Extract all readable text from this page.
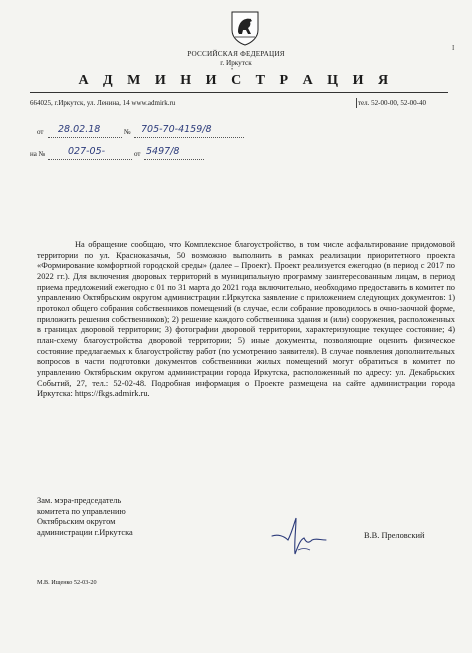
РОССИЙСКАЯ ФЕДЕРАЦИЯ
г. Иркутск
•
А Д М И Н И С Т Р А Ц И Я
I
664025, г.Иркутск, ул. Ленина, 14 www.admirk.ru	тел. 52-00-00, 52-00-40
от 28.02.18	№ 705-70-4159/8
на № 027-05-	от 5497/8

На обращение сообщаю, что Комплексное благоустройство, в том числе асфальтирование придомовой территории по ул. Красноказачья, 50 возможно выполнить в рамках реализации приоритетного проекта «Формирование комфортной городской среды» (далее – Проект). Проект реализуется ежегодно (в период с 2017 по 2022 гг.). Для включения дворовых территорий в муниципальную программу заинтересованным лицам, в период приема предложений ежегодно с 01 по 31 марта до 2021 года включительно, необходимо предоставить в комитет по управлению Октябрьским округом администрации г.Иркутска заявление с приложением следующих документов: 1) протокол общего собрания собственников помещений (в случае, если собрание проводилось в очно-заочной форме, приложить решения собственников); 2) решение каждого собственника здания и (или) сооружения, расположенных в границах дворовой территории; 3) фотографии дворовой территории, характеризующие текущее состояние; 4) план-схему благоустройства дворовой территории; 5) иные документы, позволяющие оценить физическое состояние предлагаемых к благоустройству работ (по усмотрению заявителя). В случае появления дополнительных вопросов в части подготовки документов собственники жилых помещений могут обратиться в комитет по управлению Октябрьским округом администрации города Иркутска, расположенный по адресу: ул. Декабрьских Событий, 27, тел.: 52-02-48. Подробная информация о Проекте размещена на сайте администрации города Иркутска: https://fkgs.admirk.ru.

Зам. мэра-председатель
комитета по управлению
Октябрьским округом
администрации г.Иркутска	В.В. Преловский
М.В. Ищенко 52-03-20
